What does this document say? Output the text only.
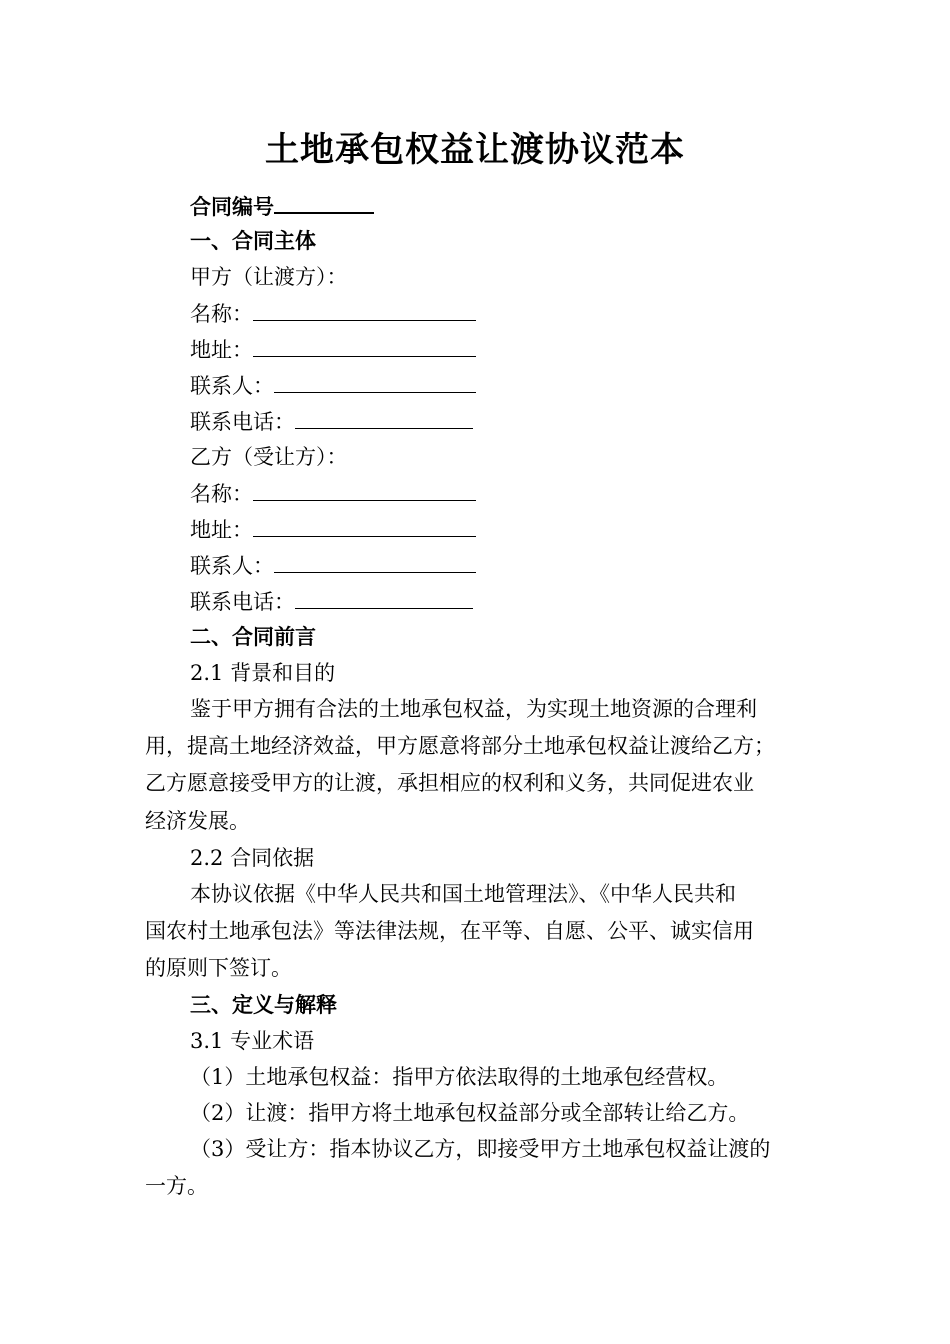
土地承包权益让渡协议范本
合同编号
一、合同主体
甲方（让渡方）：
名称：
地址：
联系人：
联系电话：
乙方（受让方）：
名称：
地址：
联系人：
联系电话：
二、合同前言
2.1 背景和目的
鉴于甲方拥有合法的土地承包权益，为实现土地资源的合理利
用，提高土地经济效益，甲方愿意将部分土地承包权益让渡给乙方；
乙方愿意接受甲方的让渡，承担相应的权利和义务，共同促进农业
经济发展。
2.2 合同依据
本协议依据《中华人民共和国土地管理法》、《中华人民共和
国农村土地承包法》等法律法规，在平等、自愿、公平、诚实信用
的原则下签订。
三、定义与解释
3.1 专业术语
（1）土地承包权益：指甲方依法取得的土地承包经营权。
（2）让渡：指甲方将土地承包权益部分或全部转让给乙方。
（3）受让方：指本协议乙方，即接受甲方土地承包权益让渡的
一方。
